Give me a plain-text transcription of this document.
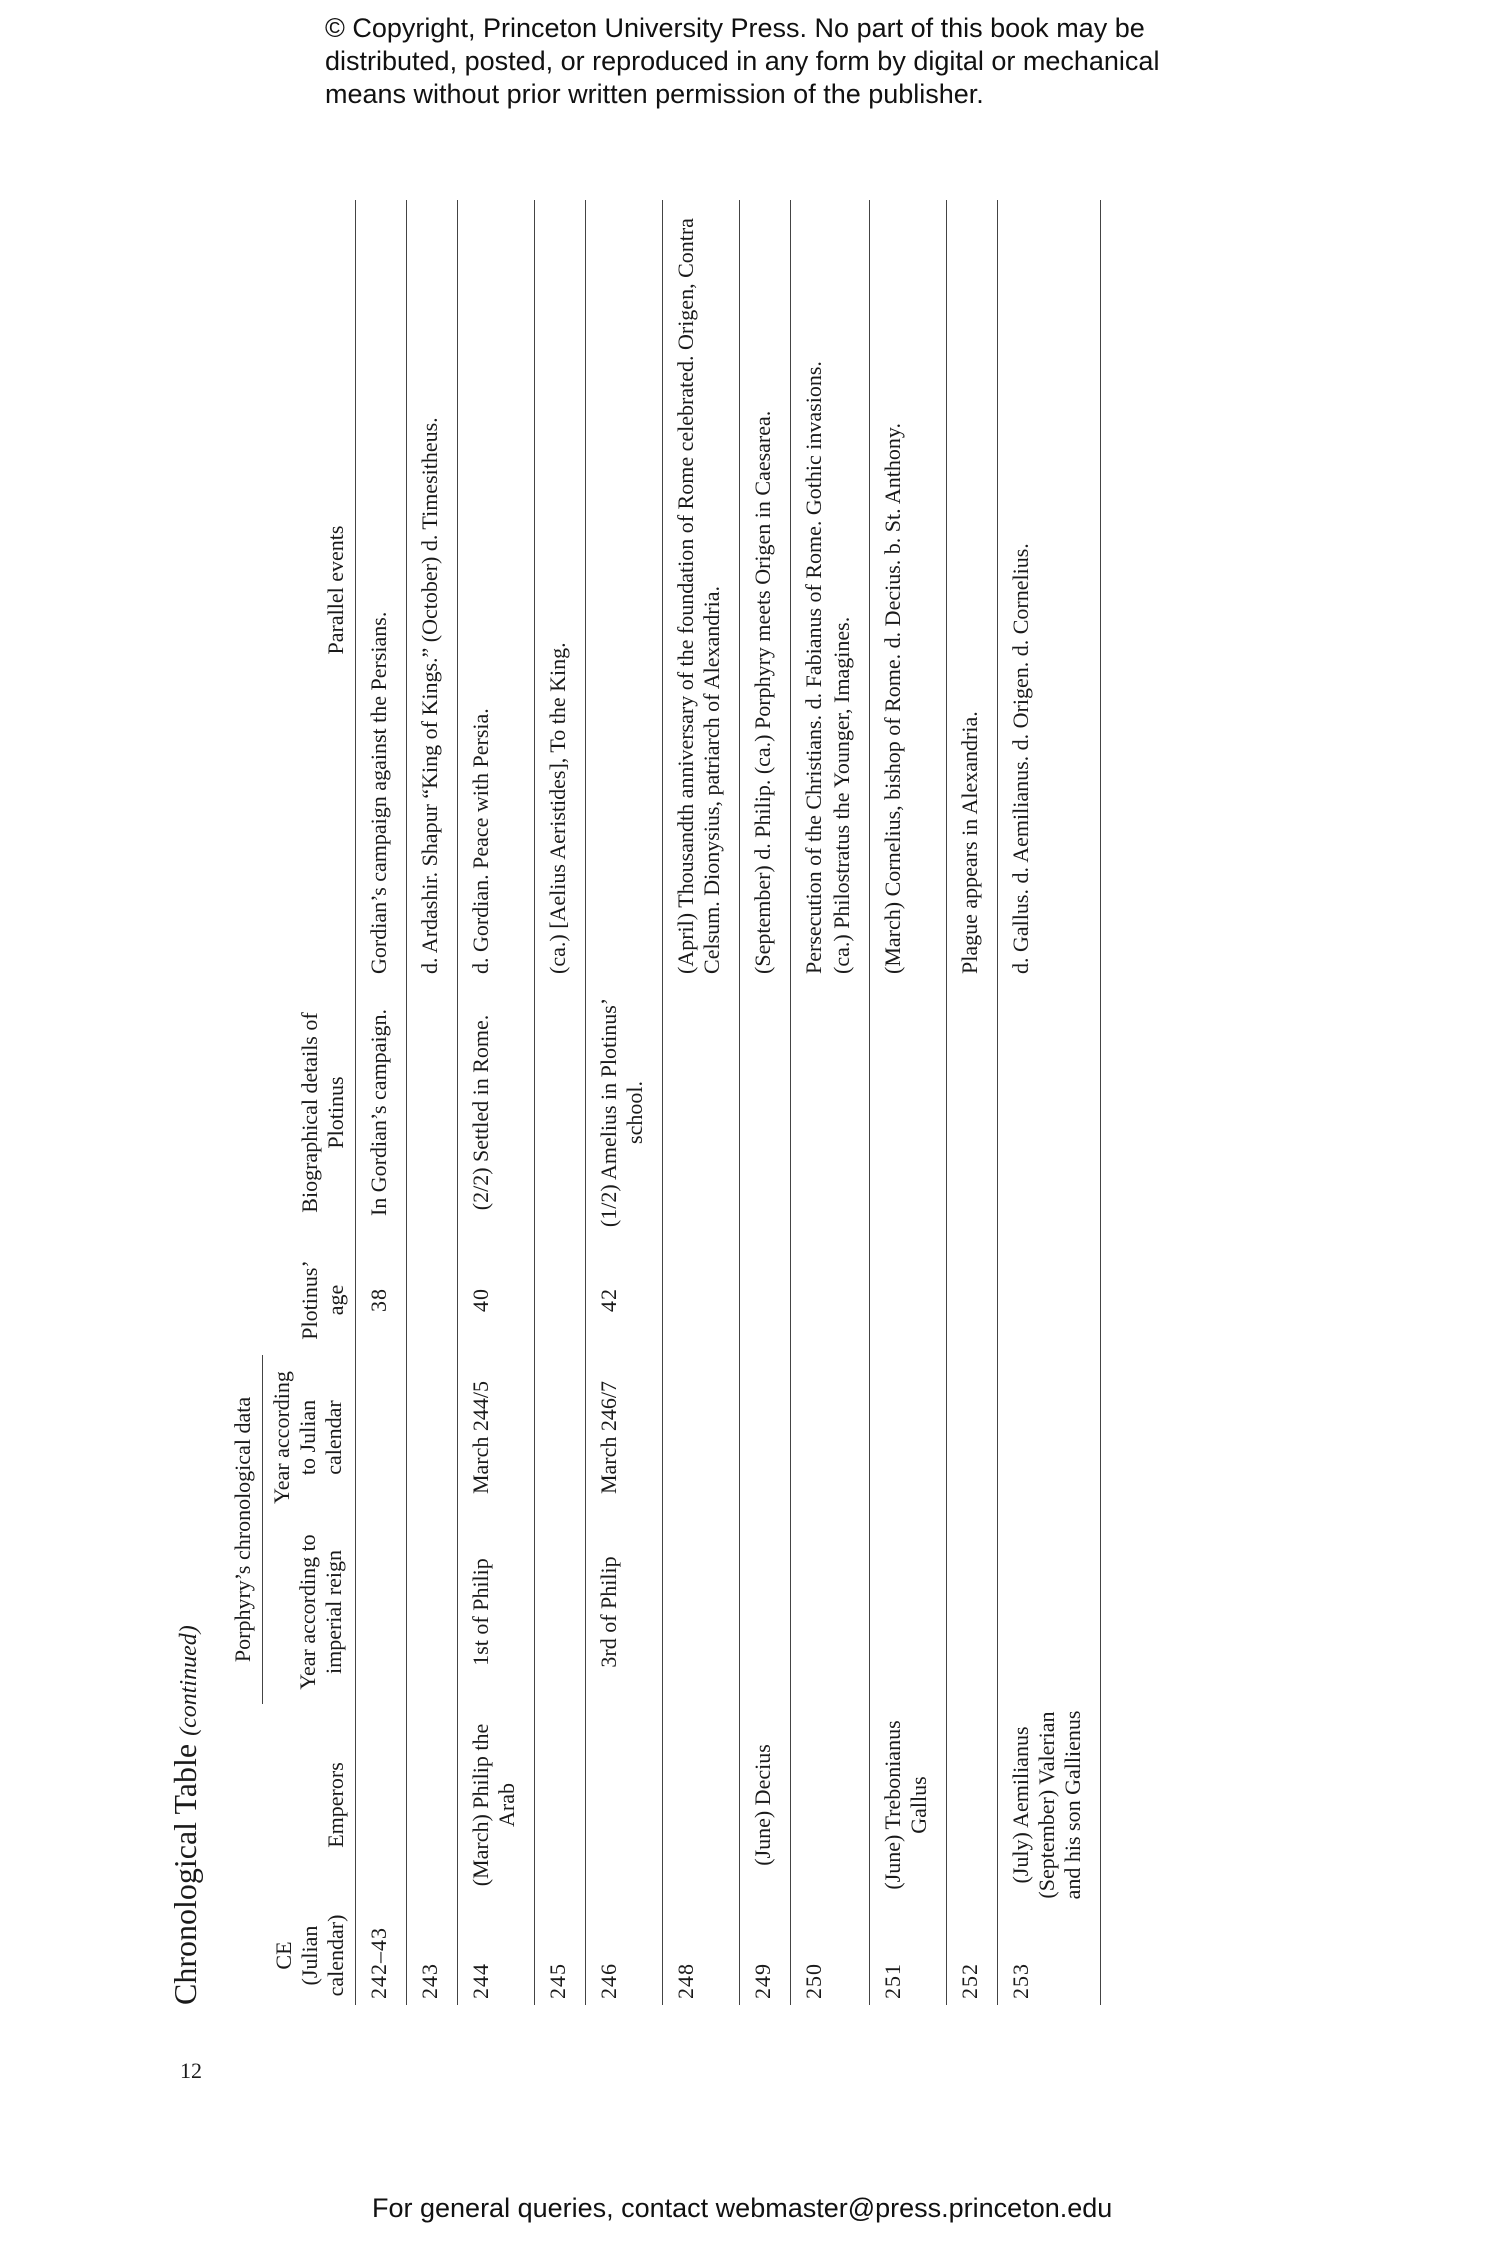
© Copyright, Princeton University Press. No part of this book may be distributed, posted, or reproduced in any form by digital or mechanical means without prior written permission of the publisher.
12
Chronological Table (continued)
CE (Julian calendar)	Emperors	Porphyry’s chronological data		Plotinus’ age	Biographical details of Plotinus	Parallel events
		Year according to imperial reign	Year according to Julian calendar			
242–43				38	In Gordian’s campaign.	Gordian’s campaign against the Persians.

243						d. Ardashir. Shapur “King of Kings.” (October) d. Timesitheus.

244	(March) Philip the Arab	1st of Philip	March 244/5	40	(2/2) Settled in Rome.	d. Gordian. Peace with Persia.

245						(ca.) [Aelius Aeristides], To the King.

246		3rd of Philip	March 246/7	42	(1/2) Amelius in Plotinus’ school.	

248						(April) Thousandth anniversary of the foundation of Rome celebrated. Origen, Contra Celsum. Dionysius, patriarch of Alexandria.

249	(June) Decius					(September) d. Philip. (ca.) Porphyry meets Origen in Caesarea.

250						Persecution of the Christians. d. Fabianus of Rome. Gothic invasions. (ca.) Philostratus the Younger, Imagines.

251	(June) Trebonianus Gallus					(March) Cornelius, bishop of Rome. d. Decius. b. St. Anthony.

252						Plague appears in Alexandria.

253	(July) Aemilianus (September) Valerian and his son Gallienus					d. Gallus. d. Aemilianus. d. Origen. d. Cornelius.
For general queries, contact webmaster@press.princeton.edu
